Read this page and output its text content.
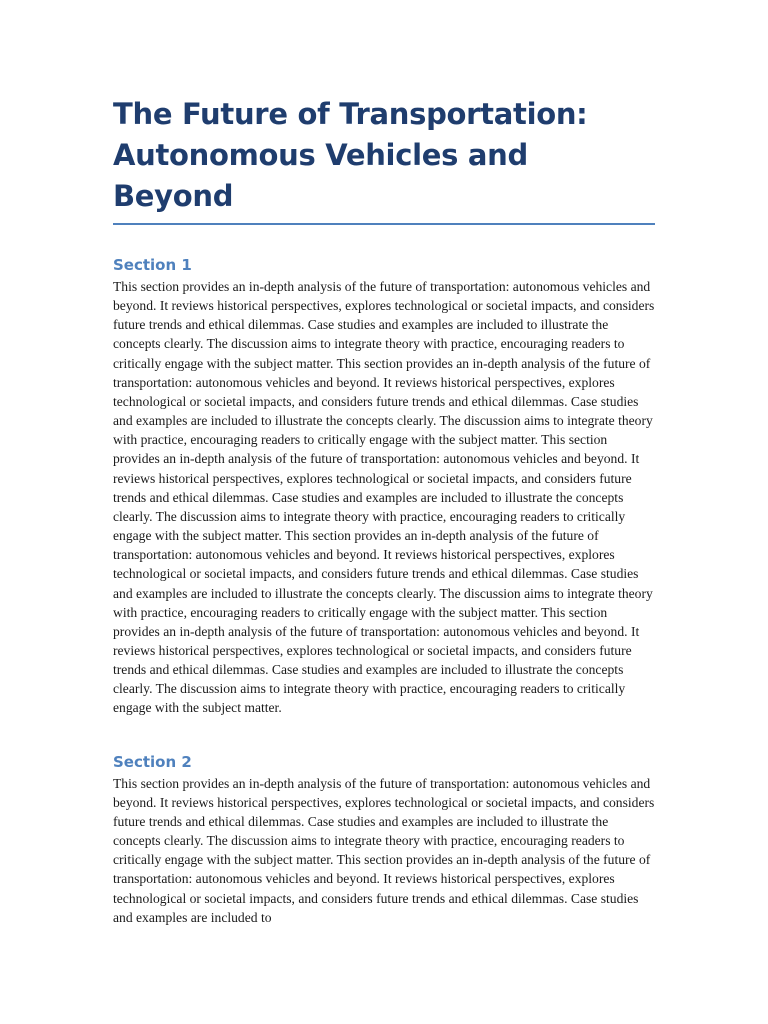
The Future of Transportation:
Autonomous Vehicles and Beyond
Section 1

This section provides an in-depth analysis of the future of transportation: autonomous vehicles and beyond. It reviews historical perspectives, explores technological or societal impacts, and considers future trends and ethical dilemmas. Case studies and examples are included to illustrate the concepts clearly. The discussion aims to integrate theory with practice, encouraging readers to critically engage with the subject matter. This section provides an in-depth analysis of the future of transportation: autonomous vehicles and beyond. It reviews historical perspectives, explores technological or societal impacts, and considers future trends and ethical dilemmas. Case studies and examples are included to illustrate the concepts clearly. The discussion aims to integrate theory with practice, encouraging readers to critically engage with the subject matter. This section provides an in-depth analysis of the future of transportation: autonomous vehicles and beyond. It reviews historical perspectives, explores technological or societal impacts, and considers future trends and ethical dilemmas. Case studies and examples are included to illustrate the concepts clearly. The discussion aims to integrate theory with practice, encouraging readers to critically engage with the subject matter. This section provides an in-depth analysis of the future of transportation: autonomous vehicles and beyond. It reviews historical perspectives, explores technological or societal impacts, and considers future trends and ethical dilemmas. Case studies and examples are included to illustrate the concepts clearly. The discussion aims to integrate theory with practice, encouraging readers to critically engage with the subject matter. This section provides an in-depth analysis of the future of transportation: autonomous vehicles and beyond. It reviews historical perspectives, explores technological or societal impacts, and considers future trends and ethical dilemmas. Case studies and examples are included to illustrate the concepts clearly. The discussion aims to integrate theory with practice, encouraging readers to critically engage with the subject matter.

Section 2

This section provides an in-depth analysis of the future of transportation: autonomous vehicles and beyond. It reviews historical perspectives, explores technological or societal impacts, and considers future trends and ethical dilemmas. Case studies and examples are included to illustrate the concepts clearly. The discussion aims to integrate theory with practice, encouraging readers to critically engage with the subject matter. This section provides an in-depth analysis of the future of transportation: autonomous vehicles and beyond. It reviews historical perspectives, explores technological or societal impacts, and considers future trends and ethical dilemmas. Case studies and examples are included to
